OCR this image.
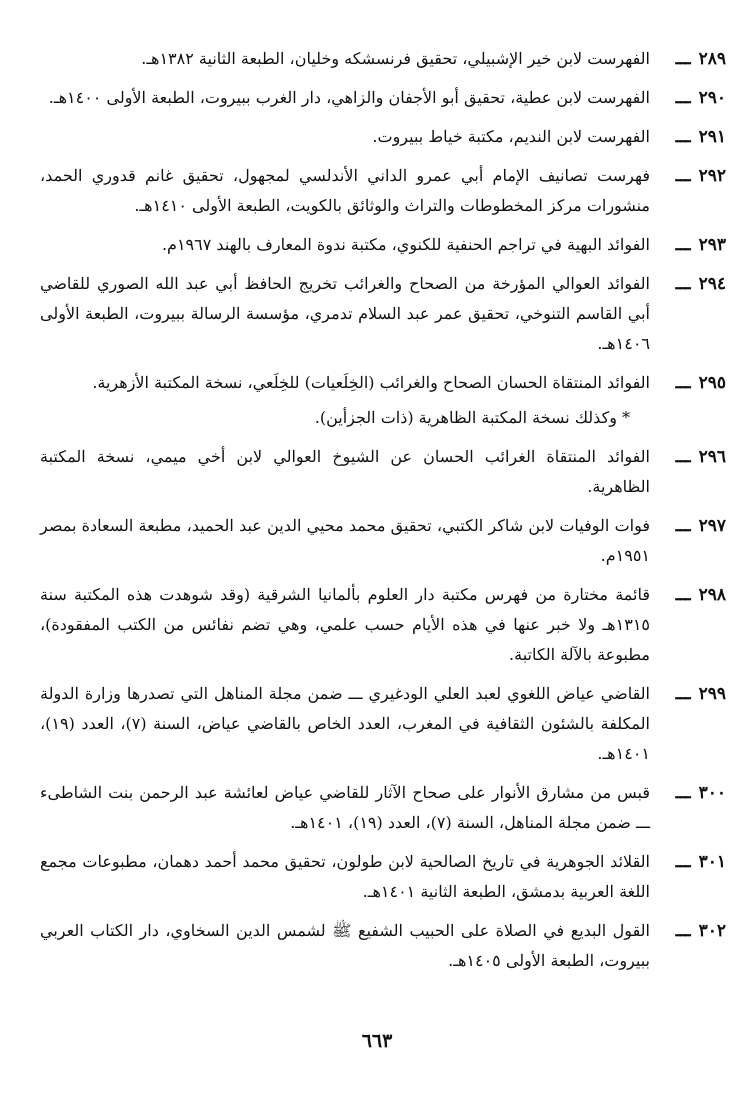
٢٨٩ـــ
الفهرست لابن خير الإشبيلي، تحقيق فرنسشكه وخليان، الطبعة الثانية ١٣٨٢هـ.
٢٩٠ـــ
الفهرست لابن عطية، تحقيق أبو الأجفان والزاهي، دار الغرب ببيروت، الطبعة الأولى ١٤٠٠هـ.
٢٩١ـــ
الفهرست لابن النديم، مكتبة خياط ببيروت.
٢٩٢ـــ
فهرست تصانيف الإمام أبي عمرو الداني الأندلسي لمجهول، تحقيق غانم قدوري الحمد، منشورات مركز المخطوطات والتراث والوثائق بالكويت، الطبعة الأولى ١٤١٠هـ.
٢٩٣ـــ
الفوائد البهية في تراجم الحنفية للكنوي، مكتبة ندوة المعارف بالهند ١٩٦٧م.
٢٩٤ـــ
الفوائد العوالي المؤرخة من الصحاح والغرائب تخريج الحافظ أبي عبد الله الصوري للقاضي أبي القاسم التنوخي، تحقيق عمر عبد السلام تدمري، مؤسسة الرسالة ببيروت، الطبعة الأولى ١٤٠٦هـ.
٢٩٥ـــ
الفوائد المنتقاة الحسان الصحاح والغرائب (الخِلَعيات) للخِلَعي، نسخة المكتبة الأزهرية.
* وكذلك نسخة المكتبة الظاهرية (ذات الجزأين).
٢٩٦ـــ
الفوائد المنتقاة الغرائب الحسان عن الشيوخ العوالي لابن أخي ميمي، نسخة المكتبة الظاهرية.
٢٩٧ـــ
فوات الوفيات لابن شاكر الكتبي، تحقيق محمد محيي الدين عبد الحميد، مطبعة السعادة بمصر ١٩٥١م.
٢٩٨ـــ
قائمة مختارة من فهرس مكتبة دار العلوم بألمانيا الشرقية (وقد شوهدت هذه المكتبة سنة ١٣١٥هـ ولا خبر عنها في هذه الأيام حسب علمي، وهي تضم نفائس من الكتب المفقودة)، مطبوعة بالآلة الكاتبة.
٢٩٩ـــ
القاضي عياض اللغوي لعبد العلي الودغيري ـــ ضمن مجلة المناهل التي تصدرها وزارة الدولة المكلفة بالشئون الثقافية في المغرب، العدد الخاص بالقاضي عياض، السنة (٧)، العدد (١٩)، ١٤٠١هـ.
٣٠٠ـــ
قبس من مشارق الأنوار على صحاح الآثار للقاضي عياض لعائشة عبد الرحمن بنت الشاطىء ـــ ضمن مجلة المناهل، السنة (٧)، العدد (١٩)، ١٤٠١هـ.
٣٠١ـــ
القلائد الجوهرية في تاريخ الصالحية لابن طولون، تحقيق محمد أحمد دهمان، مطبوعات مجمع اللغة العربية بدمشق، الطبعة الثانية ١٤٠١هـ.
٣٠٢ـــ
القول البديع في الصلاة على الحبيب الشفيع ﷺ لشمس الدين السخاوي، دار الكتاب العربي ببيروت، الطبعة الأولى ١٤٠٥هـ.
٦٦٣
